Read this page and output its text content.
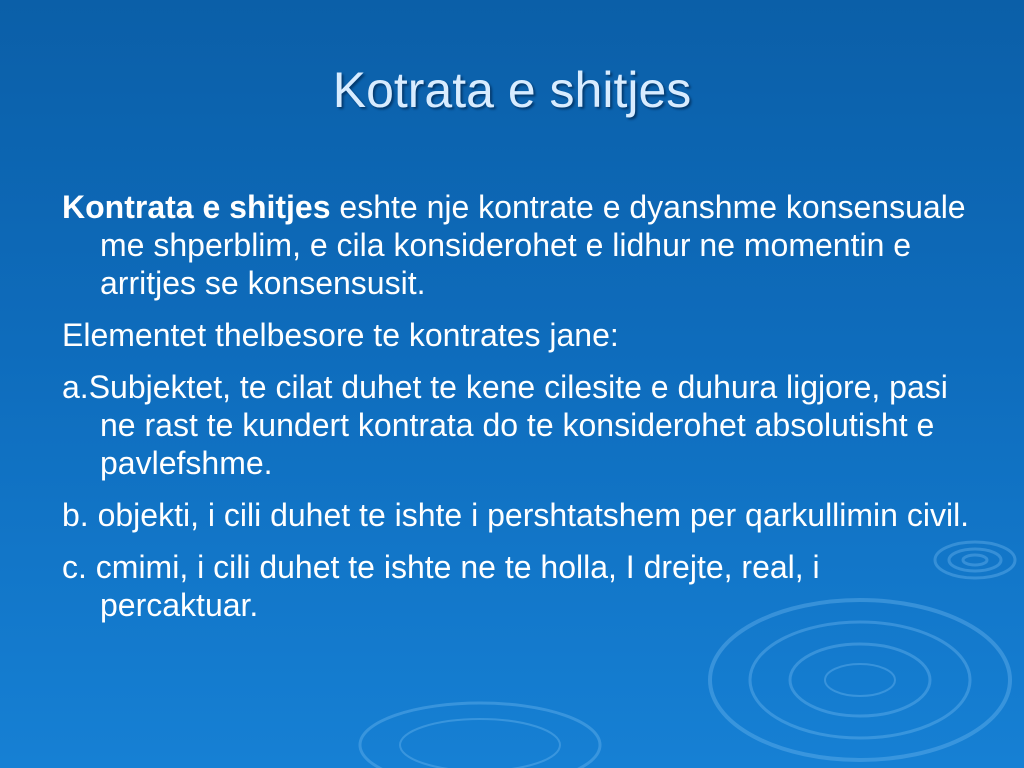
Kotrata e shitjes

Kontrata e shitjes eshte nje kontrate e dyanshme konsensuale me shperblim, e cila konsiderohet e lidhur ne momentin e arritjes se konsensusit.

Elementet thelbesore te kontrates jane:

a.Subjektet, te cilat duhet te kene cilesite e duhura ligjore, pasi ne rast te kundert kontrata do te konsiderohet absolutisht e pavlefshme.

b. objekti, i cili duhet te ishte i pershtatshem per qarkullimin civil.

c. cmimi, i cili duhet te ishte ne te holla, I drejte, real, i percaktuar.
